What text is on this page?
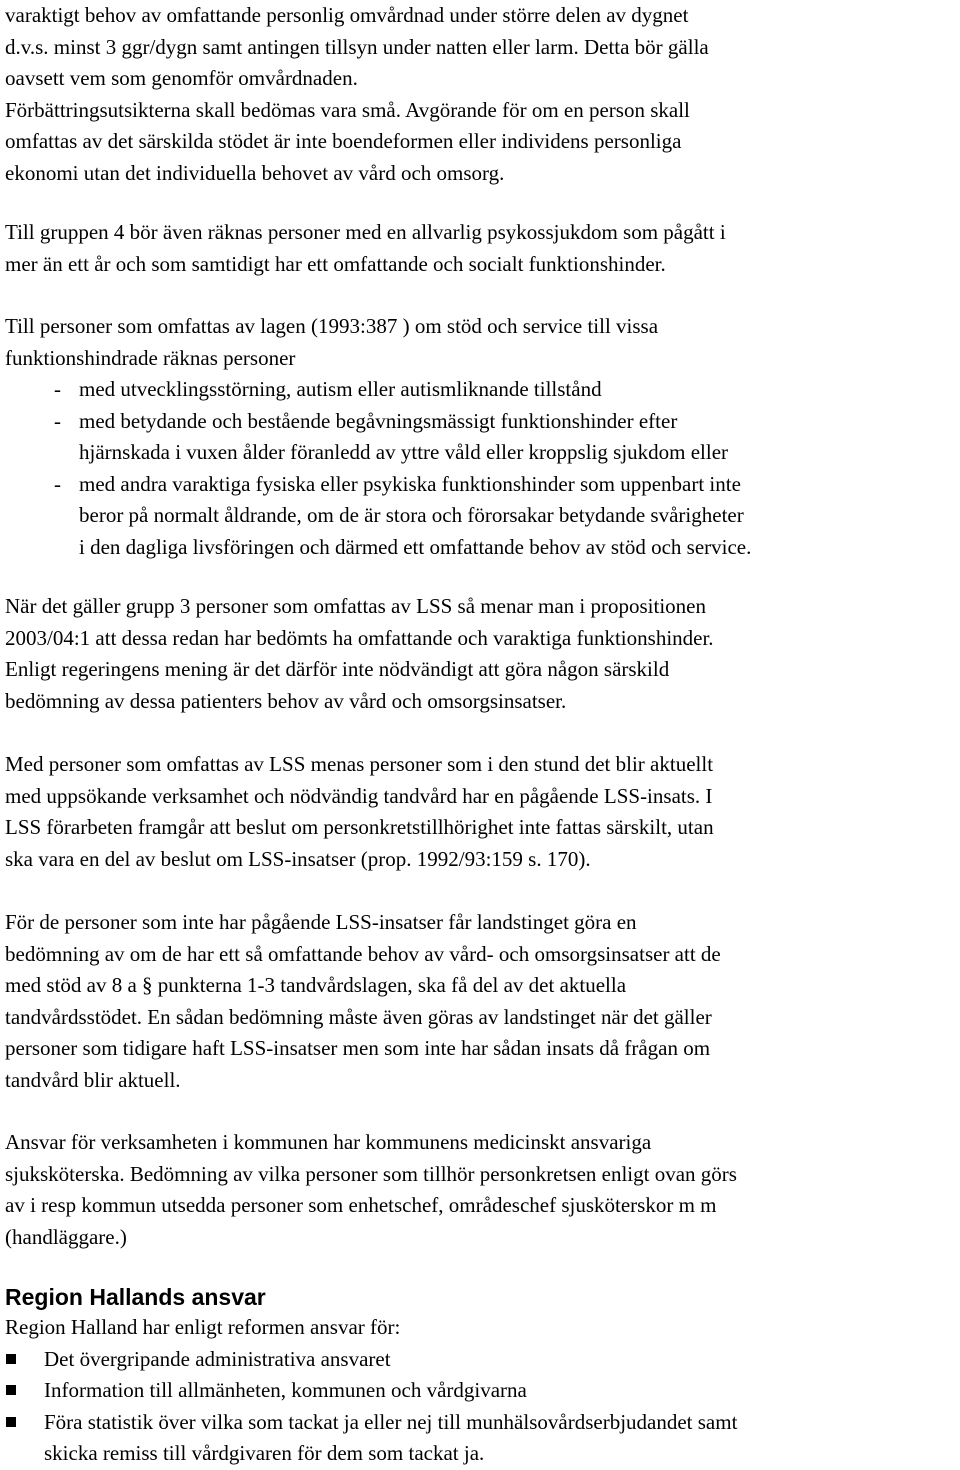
varaktigt behov av omfattande personlig omvårdnad under större delen av dygnet
d.v.s. minst 3 ggr/dygn samt antingen tillsyn under natten eller larm. Detta bör gälla
oavsett vem som genomför omvårdnaden.
Förbättringsutsikterna skall bedömas vara små. Avgörande för om en person skall
omfattas av det särskilda stödet är inte boendeformen eller individens personliga
ekonomi utan det individuella behovet av vård och omsorg.
Till gruppen 4 bör även räknas personer med en allvarlig psykossjukdom som pågått i
mer än ett år och som samtidigt har ett omfattande och socialt funktionshinder.
Till personer som omfattas av lagen (1993:387 ) om stöd och service till vissa
funktionshindrade räknas personer
- med utvecklingsstörning, autism eller autismliknande tillstånd
- med betydande och bestående begåvningsmässigt funktionshinder efter
hjärnskada i vuxen ålder föranledd av yttre våld eller kroppslig sjukdom eller
- med andra varaktiga fysiska eller psykiska funktionshinder som uppenbart inte
beror på normalt åldrande, om de är stora och förorsakar betydande svårigheter
i den dagliga livsföringen och därmed ett omfattande behov av stöd och service.
När det gäller grupp 3 personer som omfattas av LSS så menar man i propositionen
2003/04:1 att dessa redan har bedömts ha omfattande och varaktiga funktionshinder.
Enligt regeringens mening är det därför inte nödvändigt att göra någon särskild
bedömning av dessa patienters behov av vård och omsorgsinsatser.
Med personer som omfattas av LSS menas personer som i den stund det blir aktuellt
med uppsökande verksamhet och nödvändig tandvård har en pågående LSS-insats. I
LSS förarbeten framgår att beslut om personkretstillhörighet inte fattas särskilt, utan
ska vara en del av beslut om LSS-insatser (prop. 1992/93:159 s. 170).
För de personer som inte har pågående LSS-insatser får landstinget göra en
bedömning av om de har ett så omfattande behov av vård- och omsorgsinsatser att de
med stöd av 8 a § punkterna 1-3 tandvårdslagen, ska få del av det aktuella
tandvårdsstödet. En sådan bedömning måste även göras av landstinget när det gäller
personer som tidigare haft LSS-insatser men som inte har sådan insats då frågan om
tandvård blir aktuell.
Ansvar för verksamheten i kommunen har kommunens medicinskt ansvariga
sjuksköterska. Bedömning av vilka personer som tillhör personkretsen enligt ovan görs
av i resp kommun utsedda personer som enhetschef, områdeschef sjusköterskor m m
(handläggare.)
Region Hallands ansvar
Region Halland har enligt reformen ansvar för:
Det övergripande administrativa ansvaret
Information till allmänheten, kommunen och vårdgivarna
Föra statistik över vilka som tackat ja eller nej till munhälsovårdserbjudandet samt
skicka remiss till vårdgivaren för dem som tackat ja.
